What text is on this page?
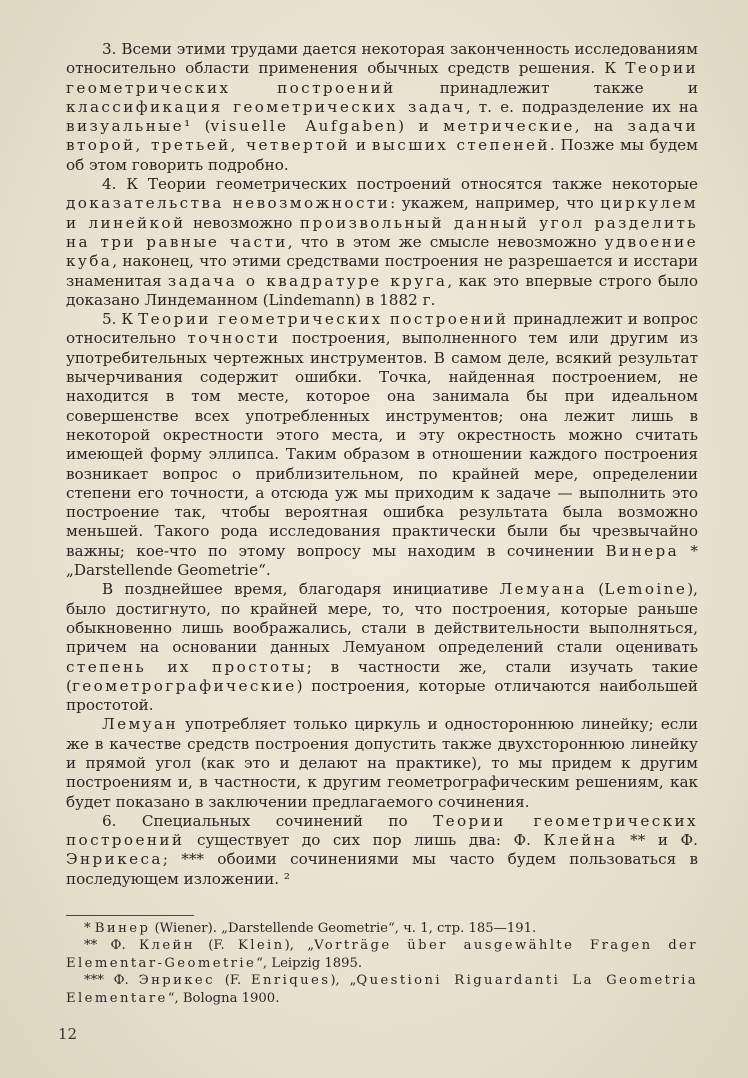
3. Всеми этими трудами дается некоторая законченность исследованиям относительно области применения обычных средств решения. К Теории геометрических построений принадлежит также и классификация геометрических задач, т. е. подразделение их на визуальные¹ (visuelle Aufgaben) и метрические, на задачи второй, третьей, четвертой и высших степеней. Позже мы будем об этом говорить подробно.

4. К Теории геометрических построений относятся также некоторые доказательства невозможности: укажем, например, что циркулем и линейкой невозможно произвольный данный угол разделить на три равные части, что в этом же смысле невозможно удвоение куба, наконец, что этими средствами построения не разрешается и исстари знаменитая задача о квадратуре круга, как это впервые строго было доказано Линдеманном (Lindemann) в 1882 г.

5. К Теории геометрических построений принадлежит и вопрос относительно точности построения, выполненного тем или другим из употребительных чертежных инструментов. В самом деле, всякий результат вычерчивания содержит ошибки. Точка, найденная построением, не находится в том месте, которое она занимала бы при идеальном совершенстве всех употребленных инструментов; она лежит лишь в некоторой окрестности этого места, и эту окрестность можно считать имеющей форму эллипса. Таким образом в отношении каждого построения возникает вопрос о приблизительном, по крайней мере, определении степени его точности, а отсюда уж мы приходим к задаче — выполнить это построение так, чтобы вероятная ошибка результата была возможно меньшей. Такого рода исследования практически были бы чрезвычайно важны; кое-что по этому вопросу мы находим в сочинении Винера * „Darstellende Geometrie“.

В позднейшее время, благодаря инициативе Лемуана (Lemoine), было достигнуто, по крайней мере, то, что построения, которые раньше обыкновенно лишь воображались, стали в действительности выполняться, причем на основании данных Лемуаном определений стали оценивать степень их простоты; в частности же, стали изучать такие (геометрографические) построения, которые отличаются наибольшей простотой.

Лемуан употребляет только циркуль и одностороннюю линейку; если же в качестве средств построения допустить также двухстороннюю линейку и прямой угол (как это и делают на практике), то мы придем к другим построениям и, в частности, к другим геометрографическим решениям, как будет показано в заключении предлагаемого сочинения.

6. Специальных сочинений по Теории геометрических построений существует до сих пор лишь два: Ф. Клейна ** и Ф. Энрикеса; *** обоими сочинениями мы часто будем пользоваться в последующем изложении. ²

* Винер (Wiener). „Darstellende Geometrie“, ч. 1, стр. 185—191.

** Ф. Клейн (F. Klein), „Vorträge über ausgewählte Fragen der Elementar-Geometrie“, Leipzig 1895.

*** Ф. Энрикес (F. Enriques), „Questioni Riguardanti La Geometria Elementare“, Bologna 1900.

12
